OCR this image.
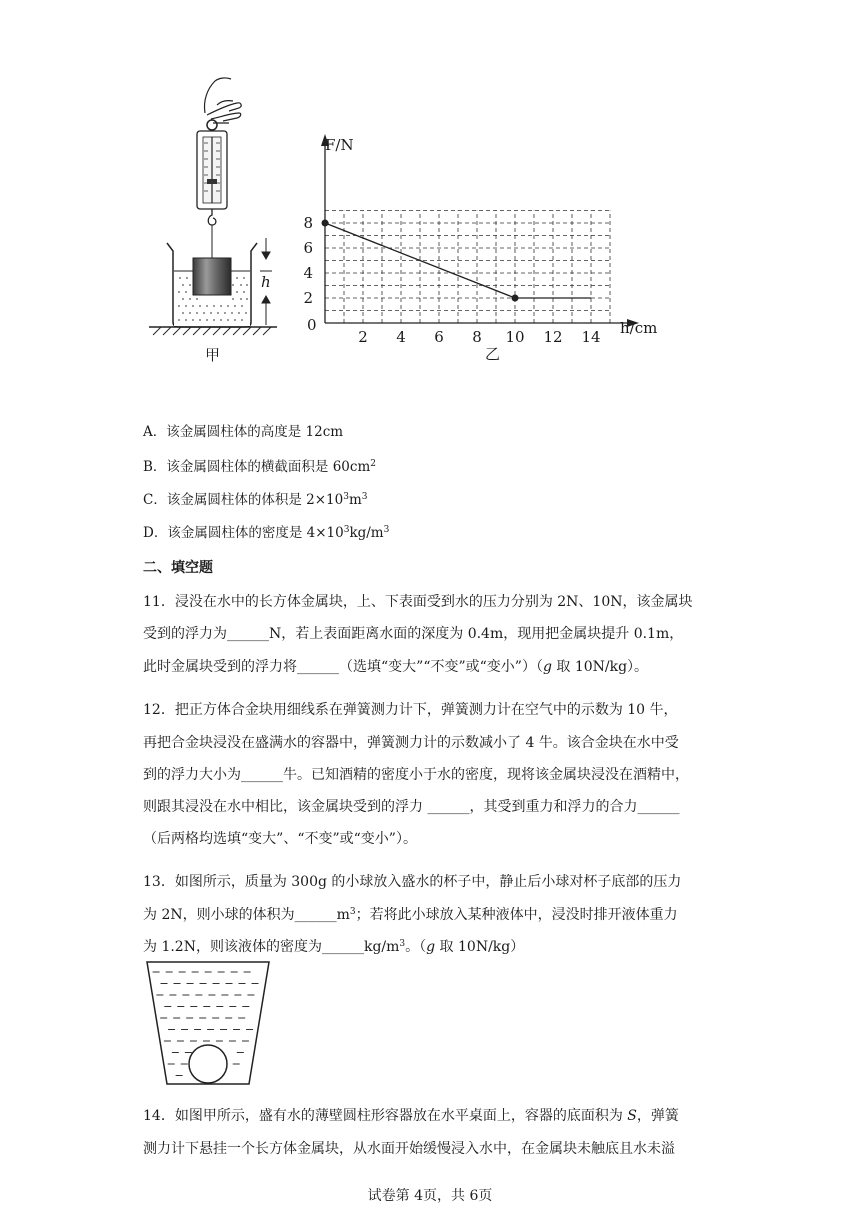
h
甲
2 4 6 8 10 12 14
2
4
6
8
F/N
h/cm
0
乙
A．该金属圆柱体的高度是 12cm
B．该金属圆柱体的横截面积是 $60cm^2$
C．该金属圆柱体的体积是 $2\times 10^3m^3$
D．该金属圆柱体的密度是 $4\times 10^3kg/m^3$
二、填空题
11．浸没在水中的长方体金属块，上、下表面受到水的压力分别为 2N、10N，该金属块
受到的浮力为______N，若上表面距离水面的深度为 0.4m，现用把金属块提升 0.1m，
此时金属块受到的浮力将______（选填“变大”“不变”或“变小”）（g 取 10N/kg）。
12．把正方体合金块用细线系在弹簧测力计下，弹簧测力计在空气中的示数为 10 牛，
再把合金块浸没在盛满水的容器中，弹簧测力计的示数减小了 4 牛。该合金块在水中受
到的浮力大小为______牛。已知酒精的密度小于水的密度，现将该金属块浸没在酒精中，
则跟其浸没在水中相比，该金属块受到的浮力 ______，其受到重力和浮力的合力______
（后两格均选填“变大”、“不变”或“变小”）。
13．如图所示，质量为 300g 的小球放入盛水的杯子中，静止后小球对杯子底部的压力
为 2N，则小球的体积为$\_\_\_\_\_\_m^3$；若将此小球放入某种液体中，浸没时排开液体重力
为 1.2N，则该液体的密度为$\_\_\_\_\_\_kg/m^3$。（g 取 10N/kg）
14．如图甲所示，盛有水的薄壁圆柱形容器放在水平桌面上，容器的底面积为 S，弹簧
测力计下悬挂一个长方体金属块，从水面开始缓慢浸入水中，在金属块未触底且水未溢
试卷第 4页，共 6页
